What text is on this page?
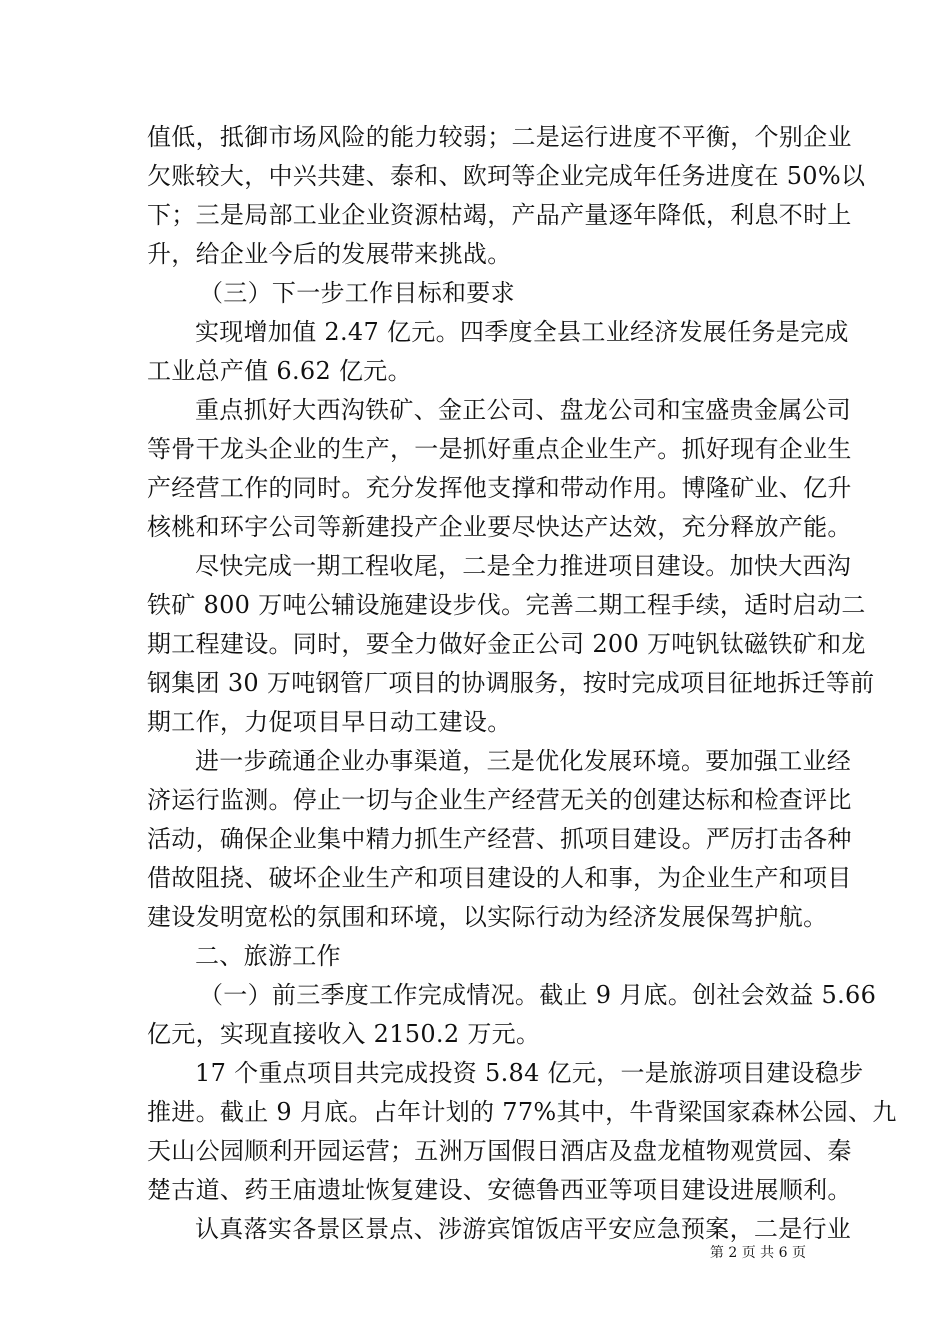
值低，抵御市场风险的能力较弱；二是运行进度不平衡，个别企业
欠账较大，中兴共建、泰和、欧珂等企业完成年任务进度在 50%以
下；三是局部工业企业资源枯竭，产品产量逐年降低，利息不时上
升，给企业今后的发展带来挑战。
（三）下一步工作目标和要求
实现增加值 2.47 亿元。四季度全县工业经济发展任务是完成
工业总产值 6.62 亿元。
重点抓好大西沟铁矿、金正公司、盘龙公司和宝盛贵金属公司
等骨干龙头企业的生产，一是抓好重点企业生产。抓好现有企业生
产经营工作的同时。充分发挥他支撑和带动作用。博隆矿业、亿升
核桃和环宇公司等新建投产企业要尽快达产达效，充分释放产能。
尽快完成一期工程收尾，二是全力推进项目建设。加快大西沟
铁矿 800 万吨公辅设施建设步伐。完善二期工程手续，适时启动二
期工程建设。同时，要全力做好金正公司 200 万吨钒钛磁铁矿和龙
钢集团 30 万吨钢管厂项目的协调服务，按时完成项目征地拆迁等前
期工作，力促项目早日动工建设。
进一步疏通企业办事渠道，三是优化发展环境。要加强工业经
济运行监测。停止一切与企业生产经营无关的创建达标和检查评比
活动，确保企业集中精力抓生产经营、抓项目建设。严厉打击各种
借故阻挠、破坏企业生产和项目建设的人和事，为企业生产和项目
建设发明宽松的氛围和环境，以实际行动为经济发展保驾护航。
二、旅游工作
（一）前三季度工作完成情况。截止 9 月底。创社会效益 5.66
亿元，实现直接收入 2150.2 万元。
17 个重点项目共完成投资 5.84 亿元，一是旅游项目建设稳步
推进。截止 9 月底。占年计划的 77%其中，牛背梁国家森林公园、九
天山公园顺利开园运营；五洲万国假日酒店及盘龙植物观赏园、秦
楚古道、药王庙遗址恢复建设、安德鲁西亚等项目建设进展顺利。
认真落实各景区景点、涉游宾馆饭店平安应急预案，二是行业
第 2 页 共 6 页
